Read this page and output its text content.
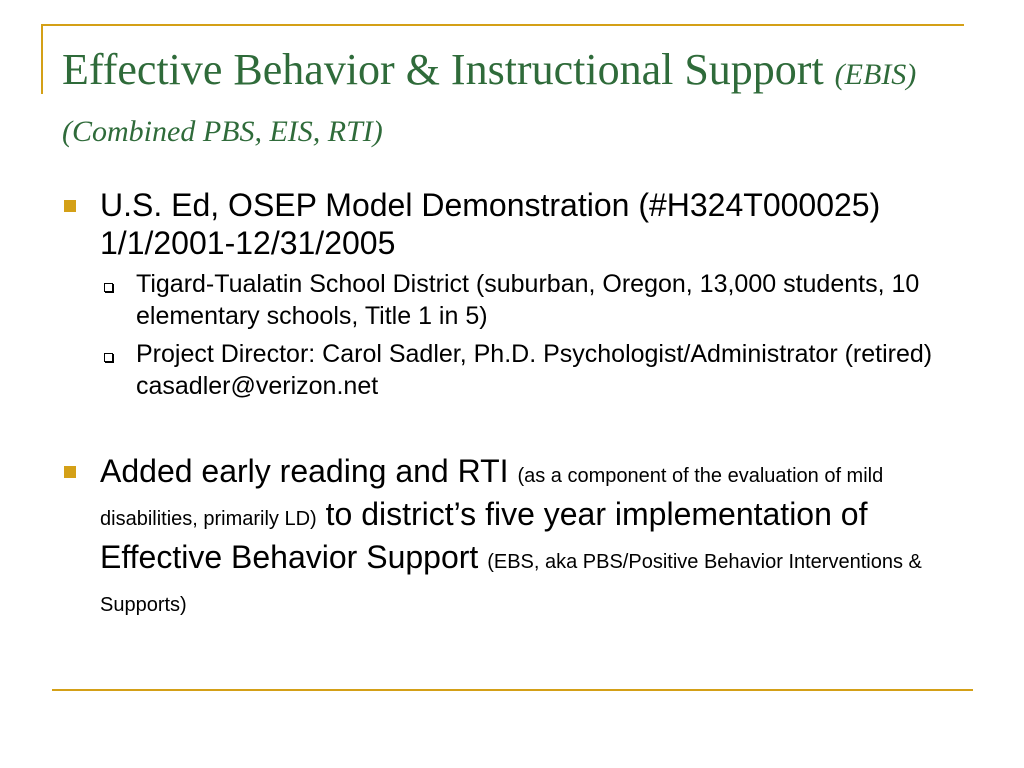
Effective Behavior & Instructional Support (EBIS) (Combined PBS, EIS, RTI)
U.S. Ed, OSEP Model Demonstration (#H324T000025) 1/1/2001-12/31/2005
Tigard-Tualatin School District (suburban, Oregon, 13,000 students, 10 elementary schools, Title 1 in 5)
Project Director: Carol Sadler, Ph.D. Psychologist/Administrator (retired) casadler@verizon.net
Added early reading and RTI (as a component of the evaluation of mild disabilities, primarily LD) to district’s five year implementation of Effective Behavior Support (EBS, aka PBS/Positive Behavior Interventions & Supports)
